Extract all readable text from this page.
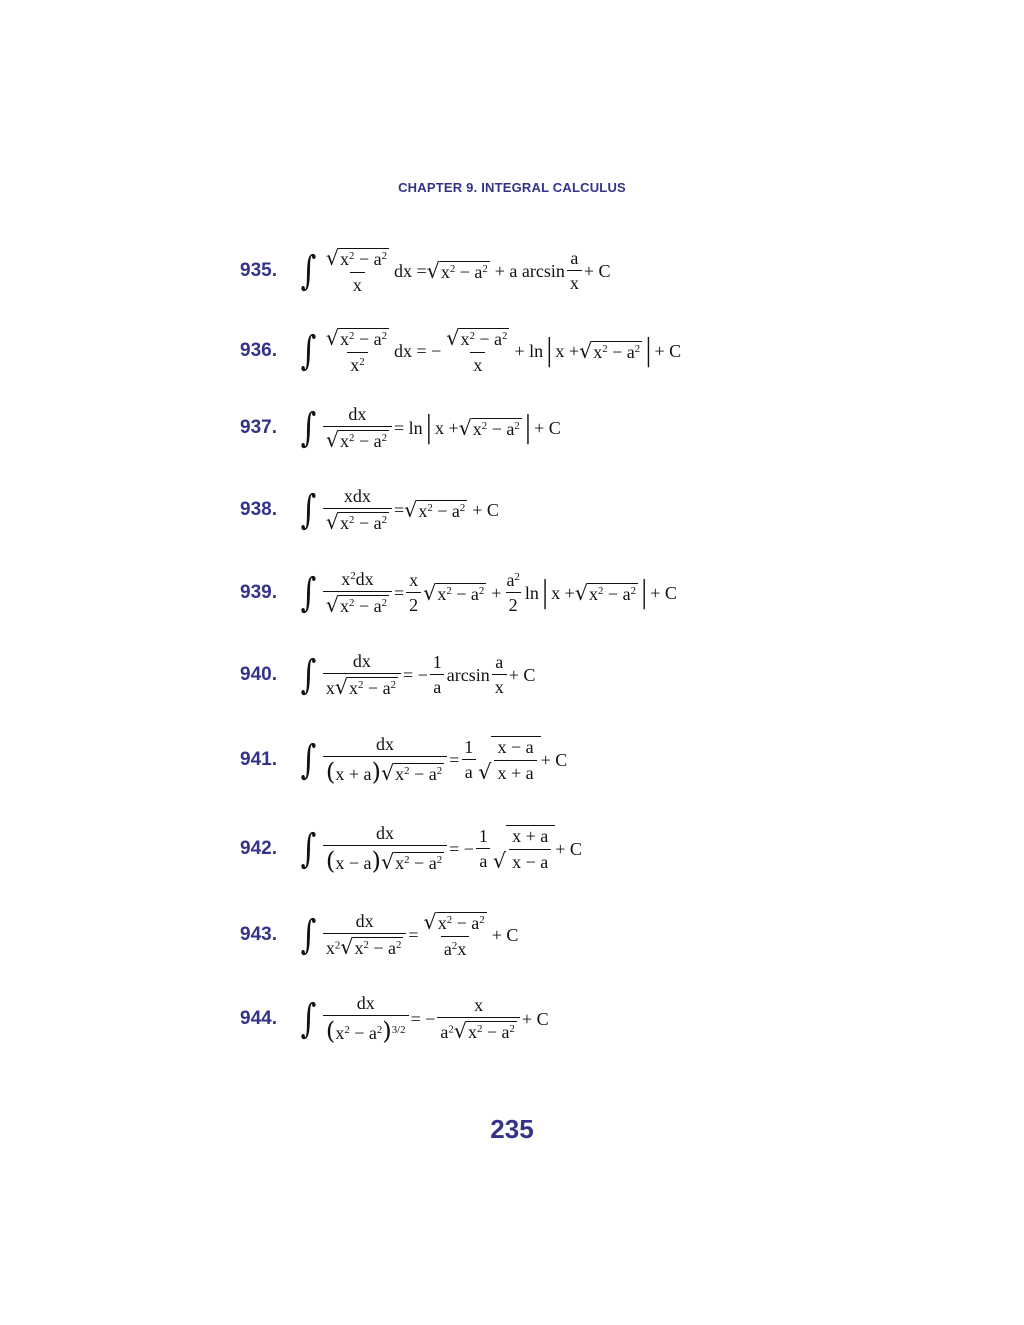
CHAPTER 9. INTEGRAL CALCULUS
935. ∫ $\frac{√ x^2 - a^2}{x}$ dx = √ $x^2 - a^2 + a$ $\arcsin \frac{a}{x} + C$
936. ∫ $\frac{√ x^2 - a^2}{x^2}$ dx = − $\frac{√ x^2 - a^2}{x} + \ln$ | x + √ $x^2 - a^2$ | + C
937. ∫ $\frac{dx}{√ x^2 - a^2} = \ln$ | x + √ $x^2 - a^2$ | + C
938. ∫ $\frac{\text{xdx}}{√ x^2 - a^2}$ = √ $x^2 - a^2 + C$
939. ∫ $\frac{x^2dx}{√ x^2 - a^2} = \frac{x}{2}$ √ $x^2 - a^2 + \frac{a^2}{2}$ ln | x + √ $x^2 - a^2$ | + C
940. ∫ $\frac{dx}{x √ x^2 - a^2}$ = − $\frac{1}{a}$ $\arcsin \frac{a}{x} + C$
941. ∫ $\frac{dx}{(x + a) √ x^2 - a^2} = \frac{1}{a}$ √ $\frac{x - a}{x + a} + C$
942. ∫ $\frac{dx}{(x - a) √ x^2 - a^2}$ = − $\frac{1}{a}$ √ $\frac{x + a}{x - a} + C$
943. ∫ $\frac{dx}{x^2 √ x^2 - a^2} = \frac{√ x^2 - a^2}{a^2x} + C$
944. ∫ $\frac{dx}{(x^2 - a^2)^{3/2}}$ = − $\frac{x}{a^2 √ x^2 - a^2} + C$
235
